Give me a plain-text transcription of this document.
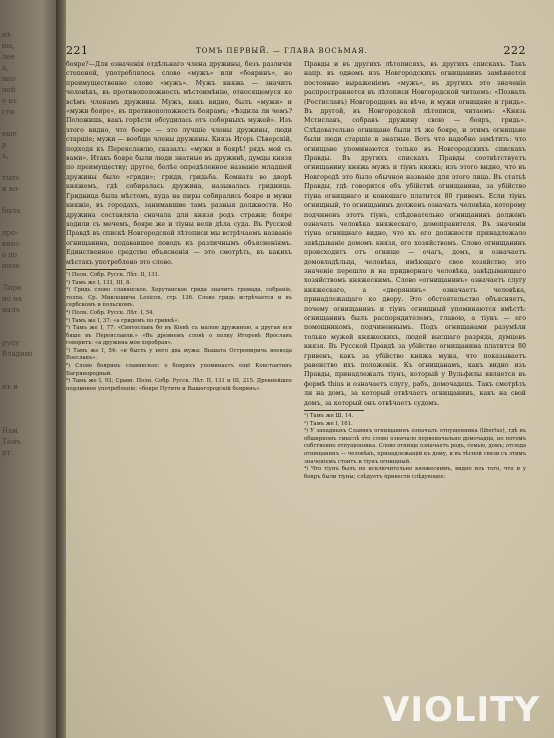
нѣ
ны,
лее
я,
нно
пой
о въ
сти

еще
р
ъ,

тыхъ
и ко-

была

про-
вино
о до
иное

Лира
но на
нялъ

рупу
Владимі

нъ и

Нам
Тамъ
рт
221	ТОМЪ ПЕРВЫЙ. — ГЛАВА ВОСЬМАЯ.	222

бояре?—Для означенія отдѣльнаго члена дружины, безъ различія степеней, употреблялось слово «мужъ» или «бояринъ», но преимущественно слово «мужъ». Мужъ княжь — значить человѣкъ, въ противоположность мѣстоимѣнію, относящемуся ко всѣмъ членамъ дружины. Мужъ, какъ видно, былъ «мужи» и «мужи бояре», въ противоположность боярамъ; «Ѣздила ли чемъ? Положишь, какъ горѣсти обсудилась отъ соборныхъ мужей». Изъ этого видно, что бояре — это лучшіе члены дружины, люди старшіе; мужи — вообще члены дружины. Князь Игорь Сѣверскій, подходя къ Переяславлю, сказалъ: «мужи и боярѣ! рядъ мой съ вами». Итакъ бояре были люди знатные въ дружинѣ, думцы князя по преимуществу; другое, болѣе опредѣленное названіе младшей дружины было «гриди»; гриди, гридьба. Комната во дворѣ княжемъ, гдѣ собиралась дружина, называлась гридница. Гридница была мѣстомъ, куда на пиры собирались бояре и мужи княжіе, въ городахъ, занимавшие тамъ разныя должности. Но дружина составляла сначала для князя родъ стражи; бояре ходили съ мечемъ, бояре же и тіуны вели дѣла суда. Въ Русской Правдѣ въ спискѣ Новгородской лѣтописи мы встрѣчаемъ названіе огнищанина, подававшее поводъ къ различнымъ объясненіямъ. Единственное средство объясненія — это смотрѣть, въ какихъ мѣстахъ употреблено это слово.

¹) Полн. Собр. Русск. Лѣт. II, 131.
²) Тамъ же I, 131, III, 8.
³) Гридь слово славянское. Хорутанское грида значитъ громада, собраніе, толпа. Ср. Миклошича Lexicon, стр. 136. Слово гридь встрѣчается и въ сербскомъ и польскомъ.
⁴) Полн. Собр. Русск. Лѣт. I, 54.
⁵) Тамъ же I, 37: «а гридемъ по гривнѣ».
⁶) Тамъ же I, 77: «Святославъ бо въ Кіевѣ съ малою дружиною, а другая вся бяше въ Переяславли.» «Въ древнемъ словѣ о полку Игоревѣ Ярославъ говоритъ: «а дружина моя хоробрая».
⁷) Тамъ же I, 54: «и бысть у него два мужа: Вышата Остромиричь воевода Воеславъ».
⁸) Слово бояринъ славянское; о бояряхъ упоминаетъ ещё Константинъ Багрянородный.
⁹) Тамъ же I, 93; Сравн. Полн. Собр. Русск. Лѣт. II, 131 и III, 215. Древнейшее подлинное употребленіе: «бояре Путяти и Вышегородскій бояринъ».

Правды и въ другихъ лѣтописяхъ, въ другихъ спискахъ. Такъ напр. въ одномъ изъ Новгородскихъ огнищанинъ замѣняется постоянно выраженіемъ «мужъ», въ другихъ это значеніе распространяется въ лѣтописи Новгородской читаемъ: «Позвалъ (Ростиславъ) Новгородцевъ на вѣче, и мужи огнищане и гридь». Въ другой, въ Новгородской лѣтописи, читаемъ: «Князь Мстиславъ, собравъ дружину свою — бояръ, гридь». Слѣдовательно огнищане были тѣ же бояре, и этимъ огнищане были люди старшіе и знатные. Вотъ что надобно замѣтить: что огнищане упоминаются только въ Новгородскихъ спискахъ Правды. Въ другихъ спискахъ Правды соотвѣтствуетъ огнищанину княжь мужъ и тіунъ княжь; изъ этого видно, что въ Новгородѣ это было обычное названіе для этого лица. Въ статьѣ Правды, гдѣ говорится объ убійствѣ огнищанина, за убійство тіуна огнищнаго и конюшаго платится 80 гривенъ. Если тіунъ огнищный, то огнищанинъ долженъ означать человѣка, которому подчиненъ этотъ тіунъ, слѣдовательно огнищанинъ долженъ означать человѣка княжескаго, домоправителя. Въ значеніи тіуна огнищнаго видно, что къ его должности принадлежало завѣдываніе домомъ князя, его хозяйствомъ. Слово огнищанинъ происходитъ отъ огнище — очагъ, домъ, и означаетъ домовладѣльца, человѣка, имѣющаго свое хозяйство; это значеніе перешло и на придворнаго человѣка, завѣдывающаго хозяйствомъ княжескимъ. Слово «огнищанинъ» означаетъ слугу княжескаго, а «дворянинъ» означаетъ человѣка, принадлежащаго ко двору. Это обстоятельство объясняетъ, почему огнищанинъ и тіунъ огнищный упоминаются вмѣстѣ: огнищанинъ былъ распорядителемъ, главою, а тіунъ — его помощникомъ, подчиненнымъ. Подъ огнищанами разумѣли только мужей княжескихъ, людей высшаго разряда, думцевъ князя. Въ Русской Правдѣ за убійство огнищанина платится 80 гривенъ, какъ за убійство княжа мужа, что показываетъ равенство ихъ положенія. Къ огнищанамъ, какъ видно изъ Правды, принадлежалъ тіунъ, который у Вульфилы является въ формѣ thius и означаетъ слугу, рабъ, домочадецъ. Такъ смотрѣть ли на домъ, за который отвѣчаетъ огнищанинъ, какъ на свой домъ, за который онъ отвѣчаетъ судомъ.

¹) Тамъ же Ш, 14.
²) Тамъ же I, 161.
³) У западныхъ Славянъ огнищанинъ означалъ отпущенника (libertus), гдѣ въ обширномъ смыслѣ это слово означало первоначально домочадца, но потомъ собственно отпущенника. Слово огнище означаетъ родъ, семью, домъ; отсюда огнищанинъ — человѣкъ, принадлежащій къ дому, и въ тѣсной связи съ этимъ значеніемъ стоитъ и тіунъ огнищный.
⁴) Что тіунъ былъ не исключительно княжескимъ, видно изъ того, что и у бояръ были тіуны; слѣдуетъ привести слѣдующее:

VIOLITY
